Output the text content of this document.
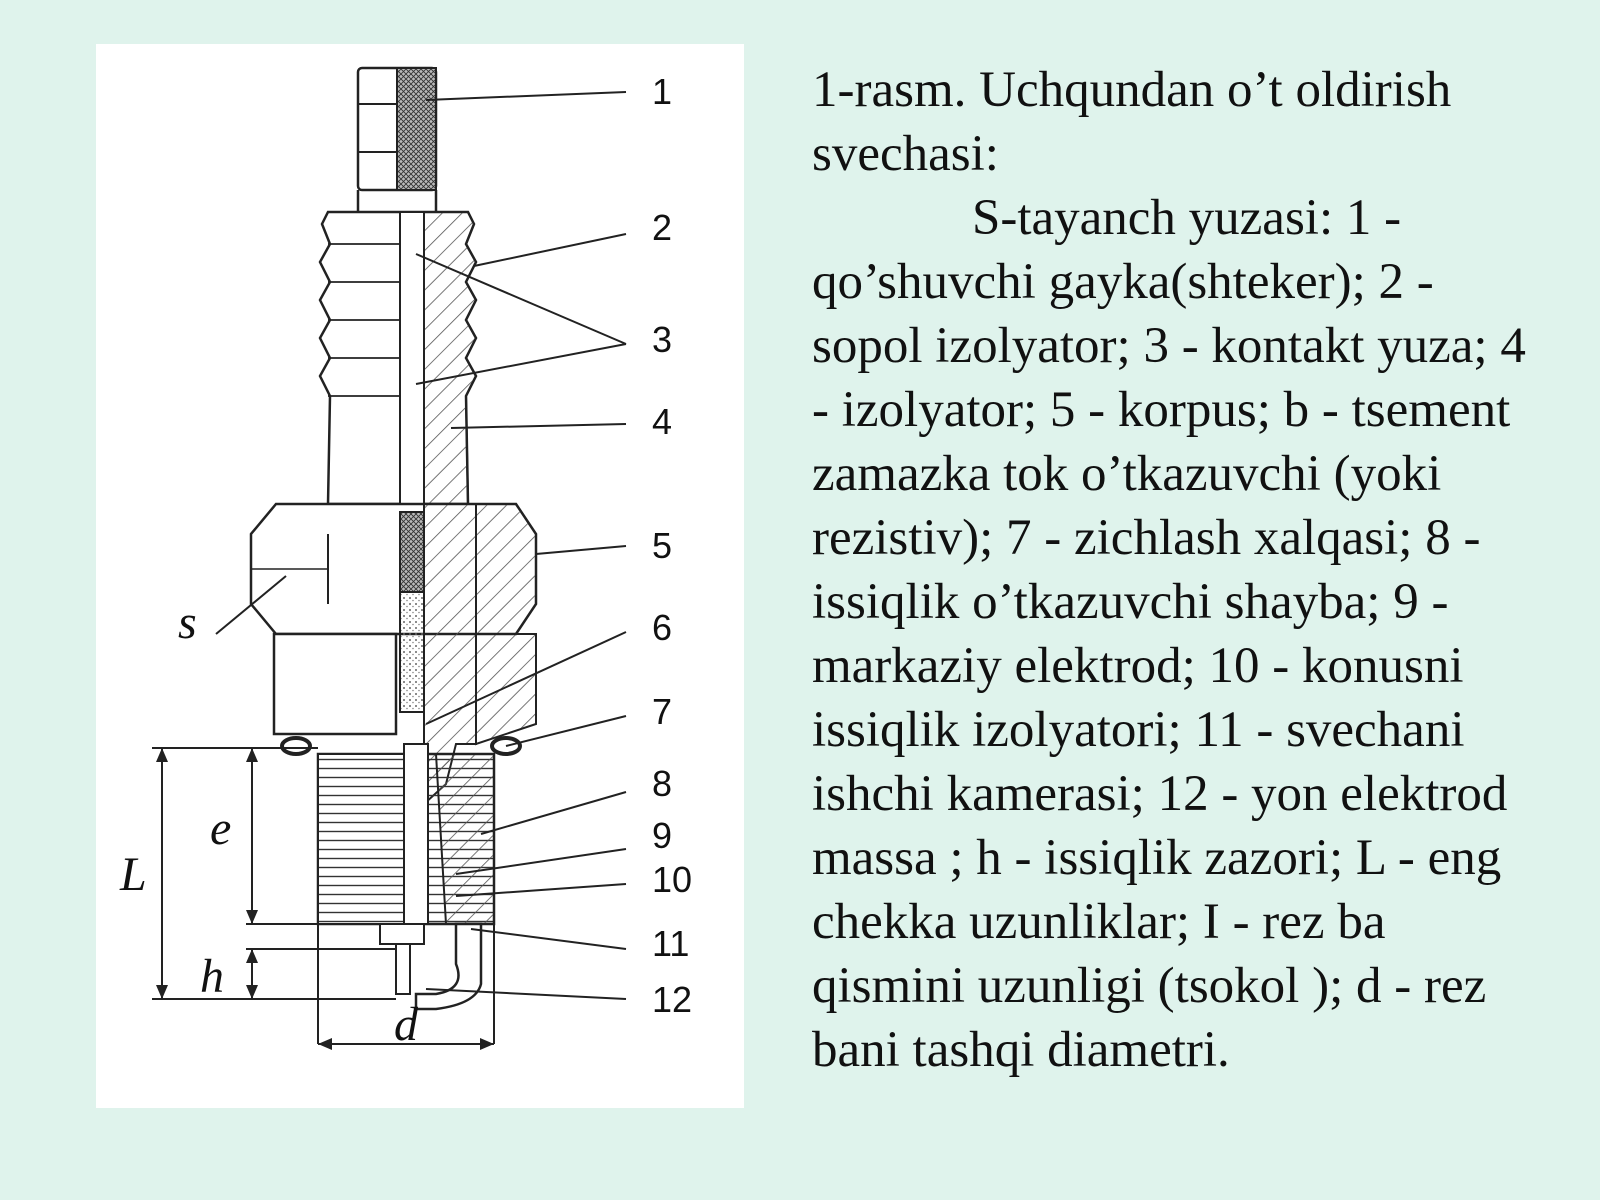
1
2
3
4
5
6
7
8
9
10
11
12
s
e
L
h
d

1-rasm. Uchqundan o’t oldirish svechasi:

S-tayanch yuzasi: 1 - qo’shuvchi gayka(shteker); 2 - sopol izolyator; 3 - kontakt yuza; 4 - izolyator; 5 - korpus; b - tsement zamazka tok o’tkazuvchi (yoki rezistiv); 7 - zichlash xalqasi; 8 - issiqlik o’tkazuvchi shayba; 9 - markaziy elektrod; 10 - konusni issiqlik izolyatori; 11 - svechani ishchi kamerasi; 12 - yon elektrod massa ; h - issiqlik zazori; L - eng chekka uzunliklar; I - rez ba qismini uzunligi (tsokol ); d - rez bani tashqi diametri.
